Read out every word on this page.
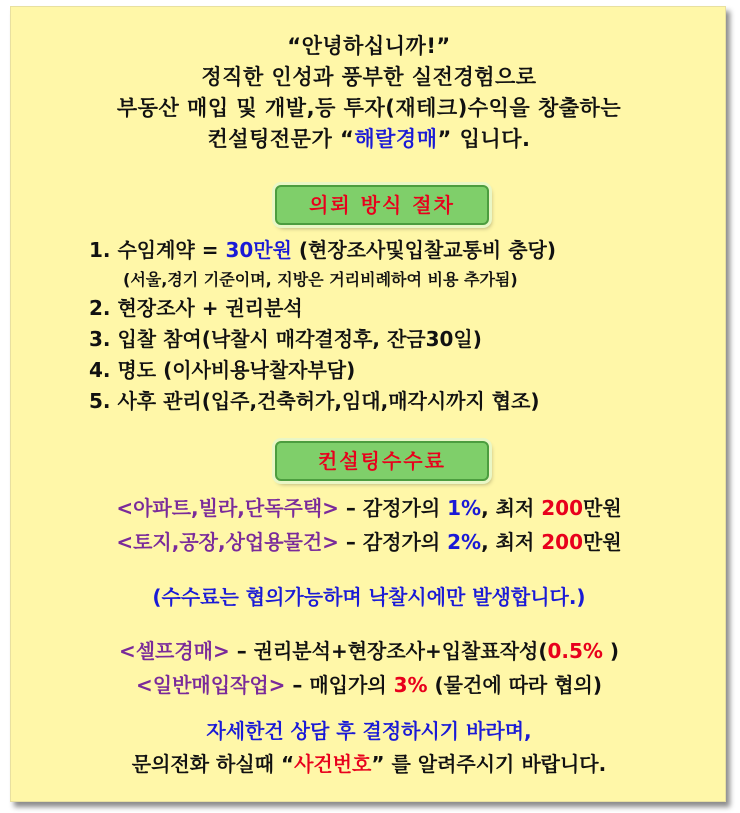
“안녕하십니까!”
정직한 인성과 풍부한 실전경험으로
부동산 매입 및 개발,등 투자(재테크)수익을 창출하는
컨설팅전문가 “해랄경매” 입니다.
의뢰 방식 절차
1. 수임계약 = 30만원 (현장조사및입찰교통비 충당)
(서울,경기 기준이며, 지방은 거리비례하여 비용 추가됨)
2. 현장조사 + 권리분석
3. 입찰 참여(낙찰시 매각결정후, 잔금30일)
4. 명도 (이사비용낙찰자부담)
5. 사후 관리(입주,건축허가,임대,매각시까지 협조)
컨설팅수수료
<아파트,빌라,단독주택> – 감정가의 1%, 최저 200만원
<토지,공장,상업용물건> – 감정가의 2%, 최저 200만원
(수수료는 협의가능하며 낙찰시에만 발생합니다.)
<셀프경매> – 권리분석+현장조사+입찰표작성(0.5% )
<일반매입작업> – 매입가의 3% (물건에 따라 협의)
자세한건 상담 후 결정하시기 바라며,
문의전화 하실때 “사건번호” 를 알려주시기 바랍니다.
